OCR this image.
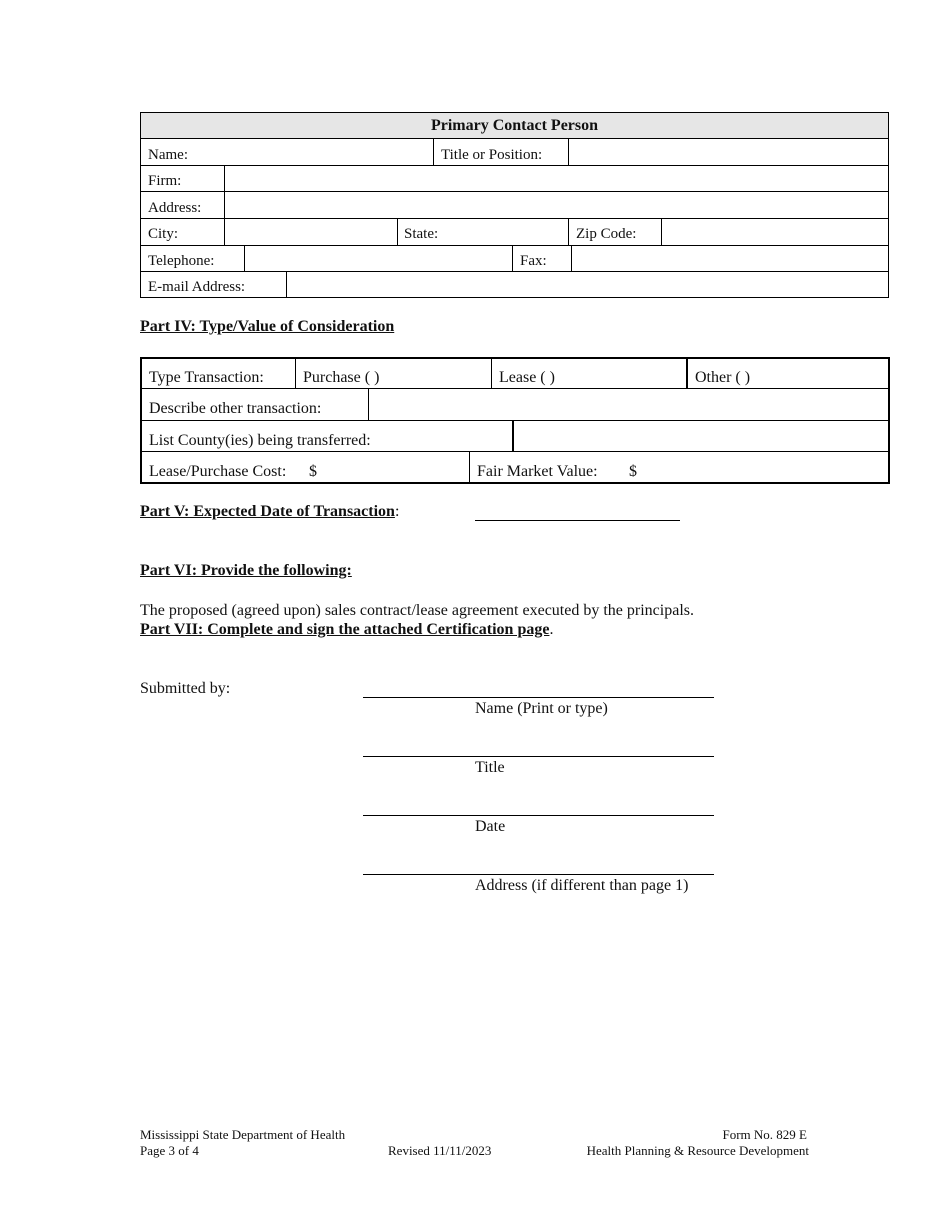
Primary Contact Person
Name:	Title or Position:
Firm:
Address:
City:	State:	Zip Code:
Telephone:	Fax:
E-mail Address:
Part IV: Type/Value of Consideration
Type Transaction: Purchase ( )	Lease ( )	Other ( )
Describe other transaction:
List County(ies) being transferred:
Lease/Purchase Cost: $	Fair Market Value: $
Part V: Expected Date of Transaction:
Part VI: Provide the following:
The proposed (agreed upon) sales contract/lease agreement executed by the principals.
Part VII: Complete and sign the attached Certification page.
Submitted by:
Name (Print or type)
Title
Date
Address (if different than page 1)
Mississippi State Department of Health
Page 3 of 4	Revised 11/11/2023
Form No. 829 E
Health Planning & Resource Development
